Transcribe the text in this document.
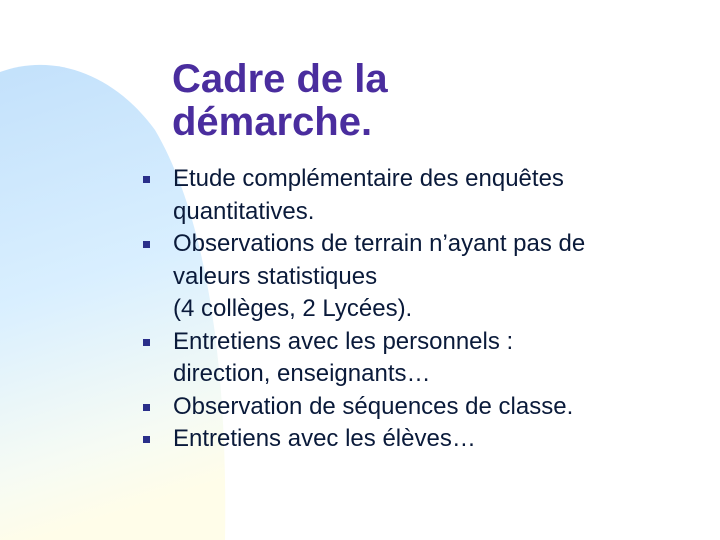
Cadre de la
démarche.
Etude complémentaire des enquêtes
quantitatives.
Observations de terrain n’ayant pas de
valeurs statistiques
(4 collèges, 2 Lycées).
Entretiens avec les personnels :
direction, enseignants…
Observation de séquences de classe.
Entretiens avec les élèves…
